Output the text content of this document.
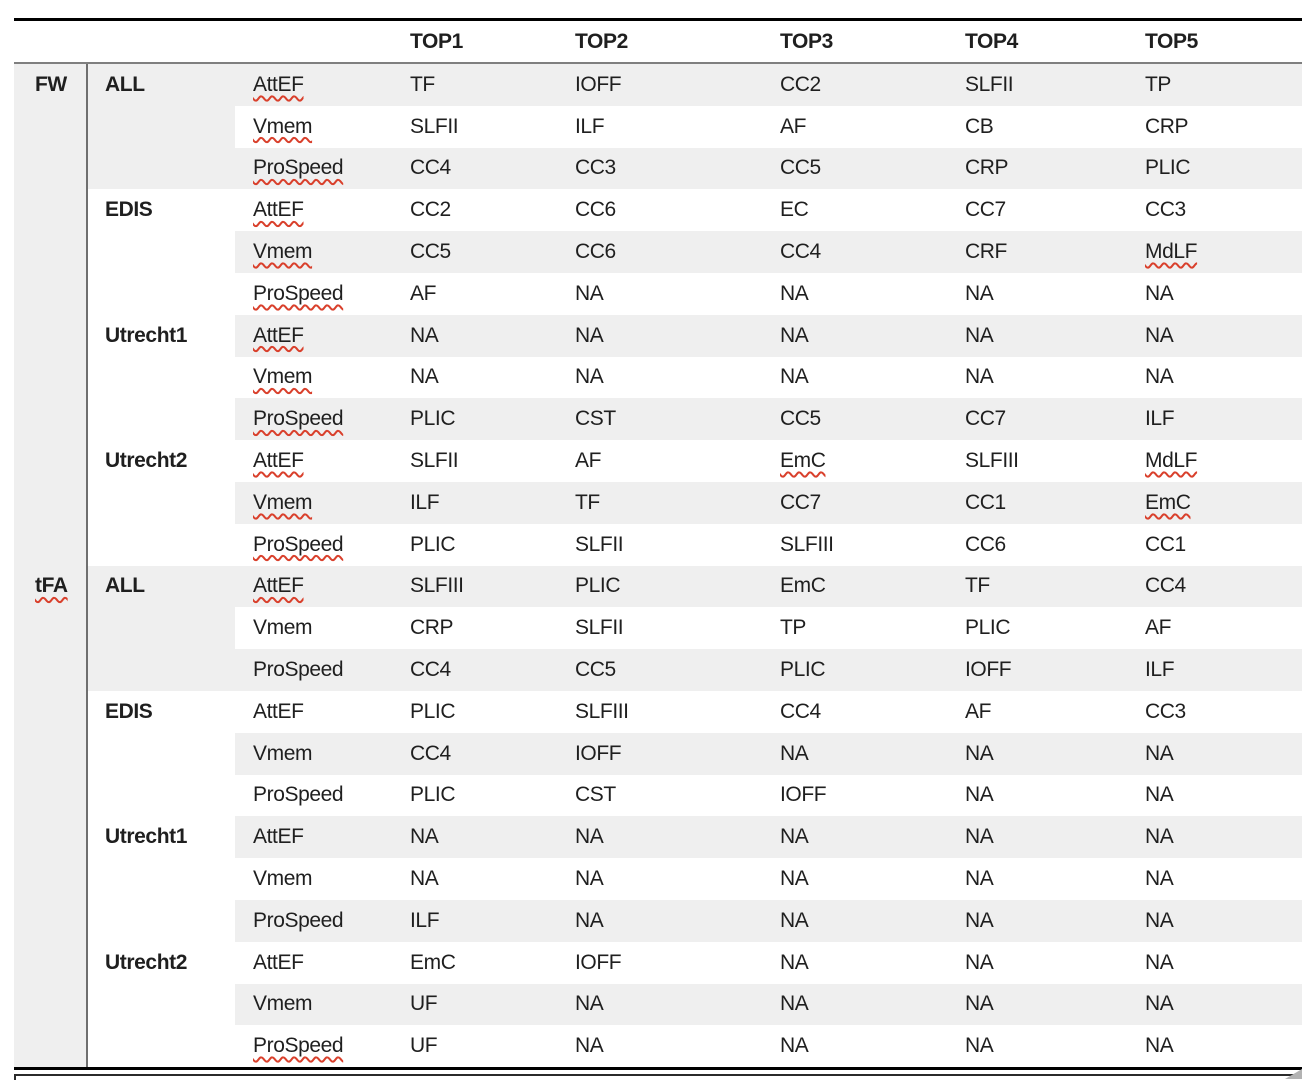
TOP1	TOP2	TOP3	TOP4	TOP5
FW ALL	AttEF	TF	IOFF	CC2	SLFII	TP
Vmem	SLFII	ILF	AF	CB	CRP
ProSpeed	CC4	CC3	CC5	CRP	PLIC
EDIS	AttEF	CC2	CC6	EC	CC7	CC3
Vmem	CC5	CC6	CC4	CRF	MdLF
ProSpeed	AF	NA	NA	NA	NA
Utrecht1	AttEF	NA	NA	NA	NA	NA
Vmem	NA	NA	NA	NA	NA
ProSpeed	PLIC	CST	CC5	CC7	ILF
Utrecht2	AttEF	SLFII	AF	EmC	SLFIII	MdLF
Vmem	ILF	TF	CC7	CC1	EmC
ProSpeed	PLIC	SLFII	SLFIII	CC6	CC1
tFA ALL	AttEF	SLFIII	PLIC	EmC	TF	CC4
Vmem	CRP	SLFII	TP	PLIC	AF
ProSpeed	CC4	CC5	PLIC	IOFF	ILF
EDIS	AttEF	PLIC	SLFIII	CC4	AF	CC3
Vmem	CC4	IOFF	NA	NA	NA
ProSpeed	PLIC	CST	IOFF	NA	NA
Utrecht1	AttEF	NA	NA	NA	NA	NA
Vmem	NA	NA	NA	NA	NA
ProSpeed	ILF	NA	NA	NA	NA
Utrecht2	AttEF	EmC	IOFF	NA	NA	NA
Vmem	UF	NA	NA	NA	NA
ProSpeed	UF	NA	NA	NA	NA
